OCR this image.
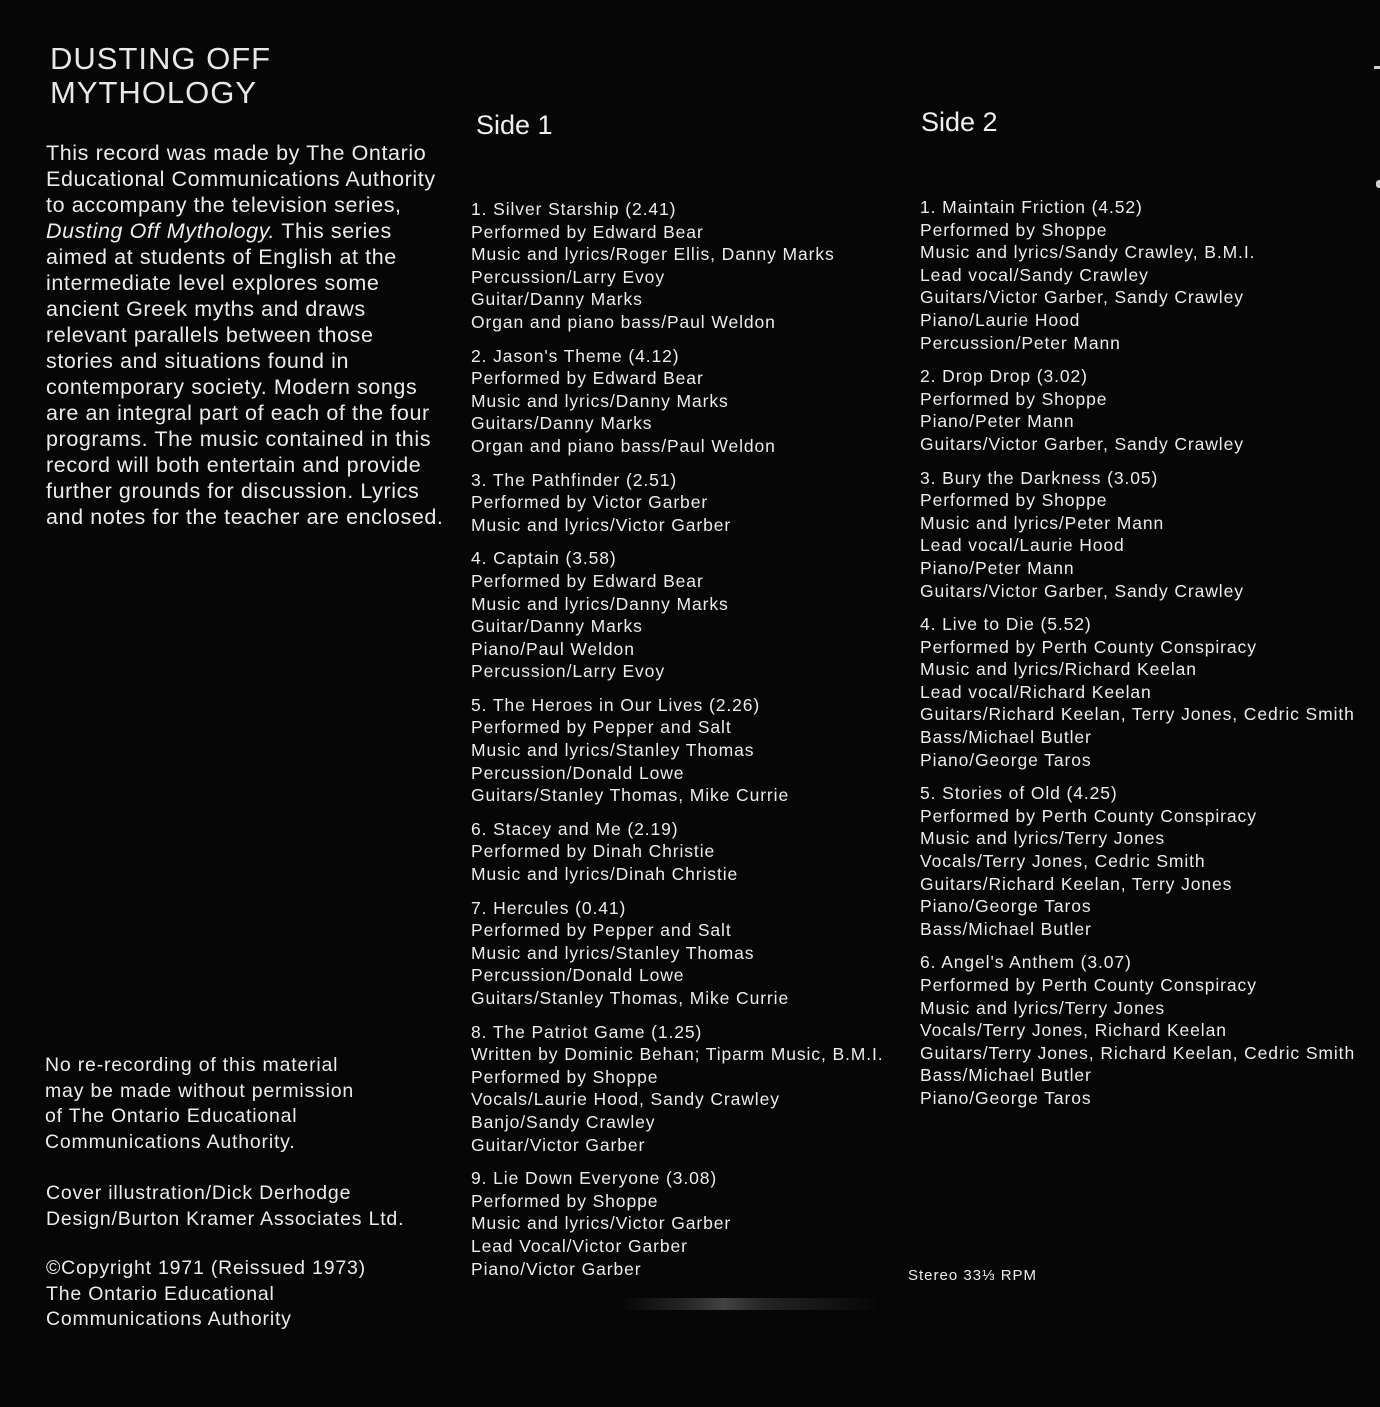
DUSTING OFF
MYTHOLOGY

This record was made by The Ontario Educational Communications Authority to accompany the television series, Dusting Off Mythology. This series aimed at students of English at the intermediate level explores some ancient Greek myths and draws relevant parallels between those stories and situations found in contemporary society. Modern songs are an integral part of each of the four programs. The music contained in this record will both entertain and provide further grounds for discussion. Lyrics and notes for the teacher are enclosed.

Side 1	Side 2
1. Silver Starship (2.41)
Performed by Edward Bear
Music and lyrics/Roger Ellis, Danny Marks
Percussion/Larry Evoy
Guitar/Danny Marks
Organ and piano bass/Paul Weldon
2. Jason's Theme (4.12)
Performed by Edward Bear
Music and lyrics/Danny Marks
Guitars/Danny Marks
Organ and piano bass/Paul Weldon
3. The Pathfinder (2.51)
Performed by Victor Garber
Music and lyrics/Victor Garber
4. Captain (3.58)
Performed by Edward Bear
Music and lyrics/Danny Marks
Guitar/Danny Marks
Piano/Paul Weldon
Percussion/Larry Evoy
5. The Heroes in Our Lives (2.26)
Performed by Pepper and Salt
Music and lyrics/Stanley Thomas
Percussion/Donald Lowe
Guitars/Stanley Thomas, Mike Currie
6. Stacey and Me (2.19)
Performed by Dinah Christie
Music and lyrics/Dinah Christie
7. Hercules (0.41)
Performed by Pepper and Salt
Music and lyrics/Stanley Thomas
Percussion/Donald Lowe
Guitars/Stanley Thomas, Mike Currie
8. The Patriot Game (1.25)
Written by Dominic Behan; Tiparm Music, B.M.I.
Performed by Shoppe
Vocals/Laurie Hood, Sandy Crawley
Banjo/Sandy Crawley
Guitar/Victor Garber
9. Lie Down Everyone (3.08)
Performed by Shoppe
Music and lyrics/Victor Garber
Lead Vocal/Victor Garber
Piano/Victor Garber
1. Maintain Friction (4.52)
Performed by Shoppe
Music and lyrics/Sandy Crawley, B.M.I.
Lead vocal/Sandy Crawley
Guitars/Victor Garber, Sandy Crawley
Piano/Laurie Hood
Percussion/Peter Mann
2. Drop Drop (3.02)
Performed by Shoppe
Piano/Peter Mann
Guitars/Victor Garber, Sandy Crawley
3. Bury the Darkness (3.05)
Performed by Shoppe
Music and lyrics/Peter Mann
Lead vocal/Laurie Hood
Piano/Peter Mann
Guitars/Victor Garber, Sandy Crawley
4. Live to Die (5.52)
Performed by Perth County Conspiracy
Music and lyrics/Richard Keelan
Lead vocal/Richard Keelan
Guitars/Richard Keelan, Terry Jones, Cedric Smith
Bass/Michael Butler
Piano/George Taros
5. Stories of Old (4.25)
Performed by Perth County Conspiracy
Music and lyrics/Terry Jones
Vocals/Terry Jones, Cedric Smith
Guitars/Richard Keelan, Terry Jones
Piano/George Taros
Bass/Michael Butler
6. Angel's Anthem (3.07)
Performed by Perth County Conspiracy
Music and lyrics/Terry Jones
Vocals/Terry Jones, Richard Keelan
Guitars/Terry Jones, Richard Keelan, Cedric Smith
Bass/Michael Butler
Piano/George Taros

No re-recording of this material
may be made without permission
of The Ontario Educational
Communications Authority.

Cover illustration/Dick Derhodge
Design/Burton Kramer Associates Ltd.

©Copyright 1971 (Reissued 1973)
The Ontario Educational
Communications Authority

Stereo 33⅓ RPM
